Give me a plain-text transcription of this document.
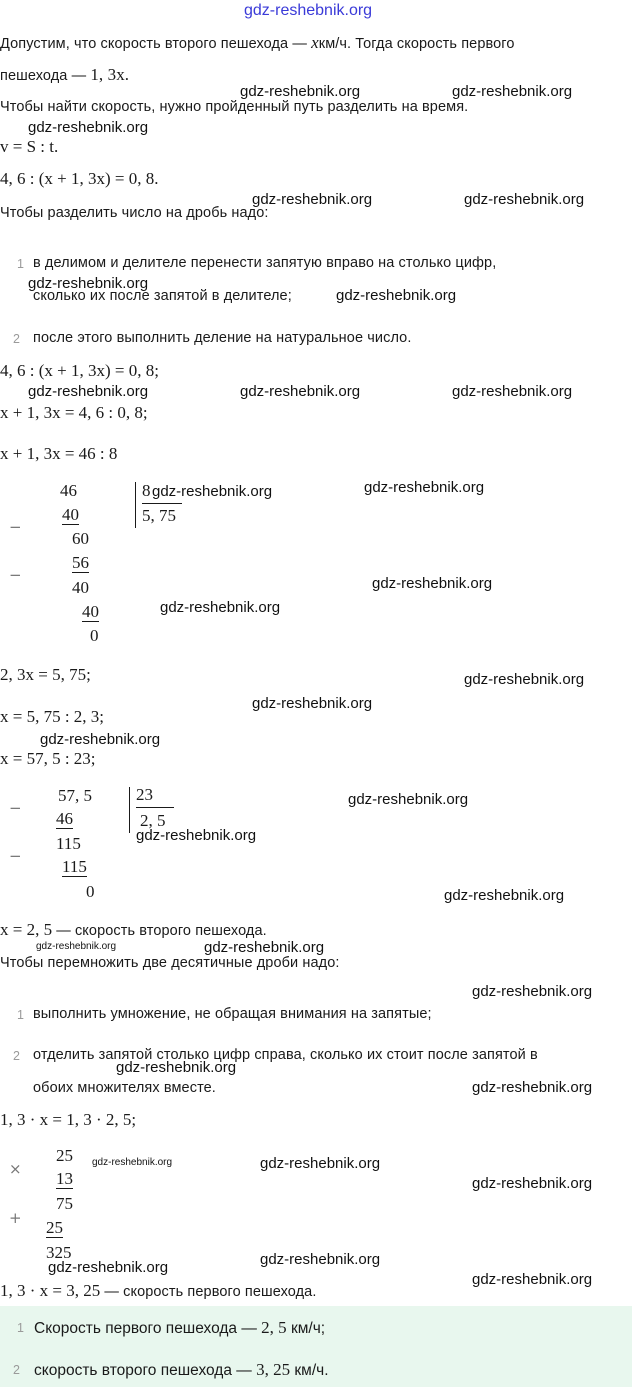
gdz-reshebnik.org
Допустим, что скорость второго пешехода — xкм/ч. Тогда скорость первого
пешехода — 1, 3x.
Чтобы найти скорость, нужно пройденный путь разделить на время.
v = S : t.
4, 6 : (x + 1, 3x) = 0, 8.
Чтобы разделить число на дробь надо:
1 в делимом и делителе перенести запятую вправо на столько цифр,
сколько их после запятой в делителе;
2 после этого выполнить деление на натуральное число.
4, 6 : (x + 1, 3x) = 0, 8;
x + 1, 3x = 4, 6 : 0, 8;
x + 1, 3x = 46 : 8
−
−
46	8
5, 75
40
60
56
40
40
0
2, 3x = 5, 75;
x = 5, 75 : 2, 3;
x = 57, 5 : 23;
−
−
57, 5	23
2, 5
46
115
115
0
x = 2, 5 — скорость второго пешехода.
Чтобы перемножить две десятичные дроби надо:
1 выполнить умножение, не обращая внимания на запятые;
2 отделить запятой столько цифр справа, сколько их стоит после запятой в
обоих множителях вместе.
1, 3 · x = 1, 3 · 2, 5;
×
+
25
13
75
25
325
1, 3 · x = 3, 25 — скорость первого пешехода.
1 Скорость первого пешехода — 2, 5 км/ч;
2 скорость второго пешехода — 3, 25 км/ч.
gdz-reshebnik.org	gdz-reshebnik.org
gdz-reshebnik.org
gdz-reshebnik.org	gdz-reshebnik.org
gdz-reshebnik.org
gdz-reshebnik.org
gdz-reshebnik.org	gdz-reshebnik.org	gdz-reshebnik.org
gdz-reshebnik.org	gdz-reshebnik.org
gdz-reshebnik.org
gdz-reshebnik.org
gdz-reshebnik.org
gdz-reshebnik.org
gdz-reshebnik.org
gdz-reshebnik.org
gdz-reshebnik.org
gdz-reshebnik.org
gdz-reshebnik.org	gdz-reshebnik.org
gdz-reshebnik.org
gdz-reshebnik.org
gdz-reshebnik.org
gdz-reshebnik.org	gdz-reshebnik.org
gdz-reshebnik.org
gdz-reshebnik.org
gdz-reshebnik.org
gdz-reshebnik.org
